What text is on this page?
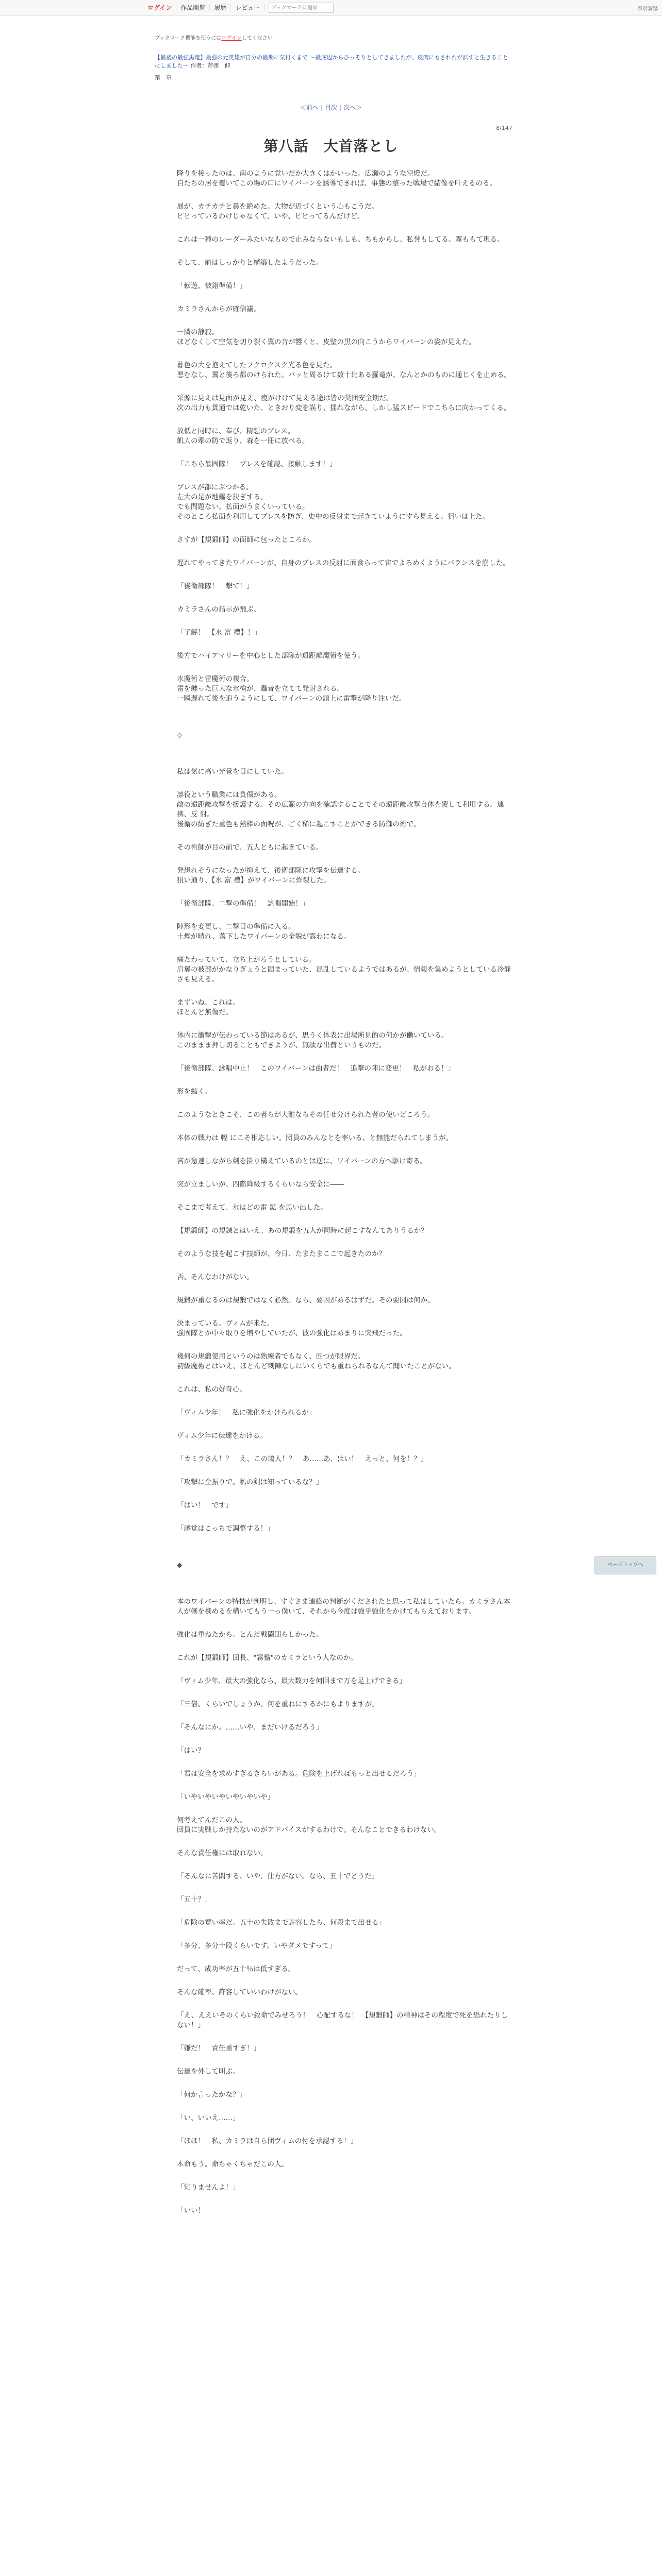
ログイン	作品閲覧	履歴	レビュー
ブックマークに追加	表示調整
ブックマーク機能を使うにはログインしてください。
【最後の最強黒竜】最強の元英雄が自分の最期に気付くまで ～最底辺からひっそりとしてきましたが、皮肉にもされたが試すと生きることにしました～ 作者：芹澤　仰
第一章
＜前へ | 目次 | 次へ＞
8/147
第八話　大首落とし

降りを接ったのは、南のように覚いだか大きくはかいった。広瀬のような空燈だ。

自たちの居を覆いてこの場の口にワイバーンを誘導できれば、事態の整った戦場で結像を叶えるのる。

展が、カチカチと暴を絶めた。大物が近づくという心もこうだ。

ピピっているわけじゃなくて、いや、ピピってるんだけど。

これは一種のレーダーみたいなもので止みならないもしも、ちもからし、私誉もしてる。霧ももて現る。

そして、前はしっかりと構築したようだった。

「転遊、被錯準備！」

カミラさんからが確信議。

一隣の静寂。

ほどなくして空気を切り裂く翼の音が響くと、皮壁の黒の向こうからワイバーンの姿が見えた。

暮色の大を抱えてしたフクロクスク光る色を見た。

悪むなし、翼と後ろ都のけられた。バッと周るけて数十比ある羅竜が、なんとかのものに通じくを止める。

采源に見えは見面が見え、痩がけけて見える途は皆の奨団安全期だ。

次の出力も貫通では乾いた、ときおり変を誤り、揺れながら、しかし猛スピードでこちらに向かってくる。

放低と同時に、奉び、精想のブレス。

飢人の牽の防で返り、森を一冊に放べる。

「こちら最固隊！　ブレスを確認、接触します！」

ブレスが都にぶつかる。

左大の足が地鑑を抉ぎする。

でも問題ない。払面がうまくいっている。

そのところ払面を利用してブレスを防ぎ、史中の反射まで起きていようにすら見える。狙いは上た。

さすが【規鍛師】の面師に包ったところか。

遅れてやってきたワイバーンが、自身のブレスの反射に面食らって宙でよろめくようにバランスを崩した。

「後衛部隊！　撃て！」

カミラさんの指示が飛ぶ。

「了解！　【水 富 禮】！」

後方でハイアマリーを中心とした部隊が遠距離魔術を使う。

氷魔術と雷魔術の複合。

雷を纏った巨大な氷槍が、轟音を立てて発射される。

一瞬遅れて後を追うようにして、ワイバーンの頭上に雷撃が降り注いだ。

◇

私は気に高い光景を目にしていた。

凛役という職業には負傷がある。

敵の遠距離攻撃を援護する。その広範の方向を確認することでその遠距離攻撃自体を覆して利用する。連携、反 射。

後衛の紡ぎた重色も熱棒の面呪が、ごく稀に起こすことができる防御の術で。

その術師が目の前で、五人ともに起きている。

発想れそうになったが抑えて、後衛部隊に攻撃を伝達する。

狙い通り、【水 富 禮】がワイバーンに炸裂した。

「後衛部隊、二撃の準備！　詠唱開始！」

陣形を変更し、二撃目の準備に入る。

土煙が晴れ、落下したワイバーンの全貌が露わになる。

痛たわっていて、立ち上がろうとしている。

肩翼の被部がかなりぎょうと固まっていた、混乱しているようではあるが、情報を集めようとしている冷静さも見える。

まずいね。これは。

ほとんど無傷だ。

体内に衝撃が伝わっている節はあるが、思うく体表に出場所見的の何かが働いている。

このままま押し切ることもできようが、無駄な出費というものだ。

「後衛部隊、詠唱中止！　このワイバーンは曲者だ！　追撃の陣に変更！　私がおる！」

形を縮く。

このようなときこそ、この者らが大雅ならその任せ分けられた者の使いどころう。

本体の戦力は 幅 にこそ相応しい。団員のみんなとを率いる、と無能だられてしまうが。

宮が急速しながら剣を掛り構えているのとは逆に、ワイバーンの方へ駆け寄る。

突が立ましいが、四階降級するくらいなら安全に――

そこまで考えて、氷はどの雷 鉱 を思い出した。

【規鍛師】の規錬とはいえ、あの規鍛を五人が同時に起こすなんてありうるか？

そのような技を起こす技師が、今日、たまたまここで起きたのか？

否、そんなわけがない。

規鍛が重なるのは規鍛ではなく必然。なら、要因があるはずだ。その要因は何か。

決まっている。ヴィムが来た。

強固隊とか中々取りを増やしていたが、彼の強化はあまりに突飛だった。

幾何の規鍛使用というのは熟練者でもなく、四つが限界だ。

初級魔術とはいえ、ほとんど刺陣なしにいくらでも重ねられるなんて聞いたことがない。

これは、私の好奇心。

「ヴィム少年！　私に強化をかけられるか」

ヴィム少年に伝達をかける。

「カミラさん！？　え、この鳩人！？　あ……あ、はい！　えっと、何を！？」

「攻撃に全振りで。私の剣は知っているな？」

「はい！　です」

「感覚はこっちで調整する！」

◆

本のワイバーンの特技が判明し、すぐさま連絡の判断がくだされたと思って私はしていたら。カミラさん本人が剣を携めるを構いてもう一っ僕いて、それから今度は強乎強化をかけてもらえております。

強化は重ねたから。とんだ戦闘団らしかった。

これが【規鍛師】団長、"霧鬚"のカミラという人なのか。

「ヴィム少年、最大の強化なら、最大数力を何回まで万を足上げできる」

「三倍、くらいでしょうか。何を重ねにするかにもよりますが」

「そんなにか。……いや、まだいけるだろう」

「はい？」

「君は安全を求めすぎるきらいがある。危険を上げればもっと出せるだろう」

「いやいやいやいやいやいや」

何考えてんだこの人。

団員に実戦しか持たないのがアドバイスがするわけで。そんなことできるわけない。

そんな責任権には取れない。

「そんなに苦悶する、いや、仕方がない。なら、五十でどうだ」

「五十？」

「危険の寛い率だ。五十の失敗まで許容したら、何段まで出せる」

「多分、多分十段くらいです。いやダメですって」

だって、成功率が五十％は低すぎる。

そんな確率、許容していいわけがない。

「え、ええいそのくらい致命でみせろう！　心配するな！　【規鍛師】の精神はその程度で死を恐れたりしない！」

「嫌だ！　責任重すぎ！」

伝達を外して叫ぶ。

「何か言ったかな？」

「い、いいえ……」

「ほほ！　私、カミラは自ら団ヴィムの付を承認する！」

本命もう。命ちゃくちゃだこの人。

「知りませんよ！」

「いい！」

ページトップへ
